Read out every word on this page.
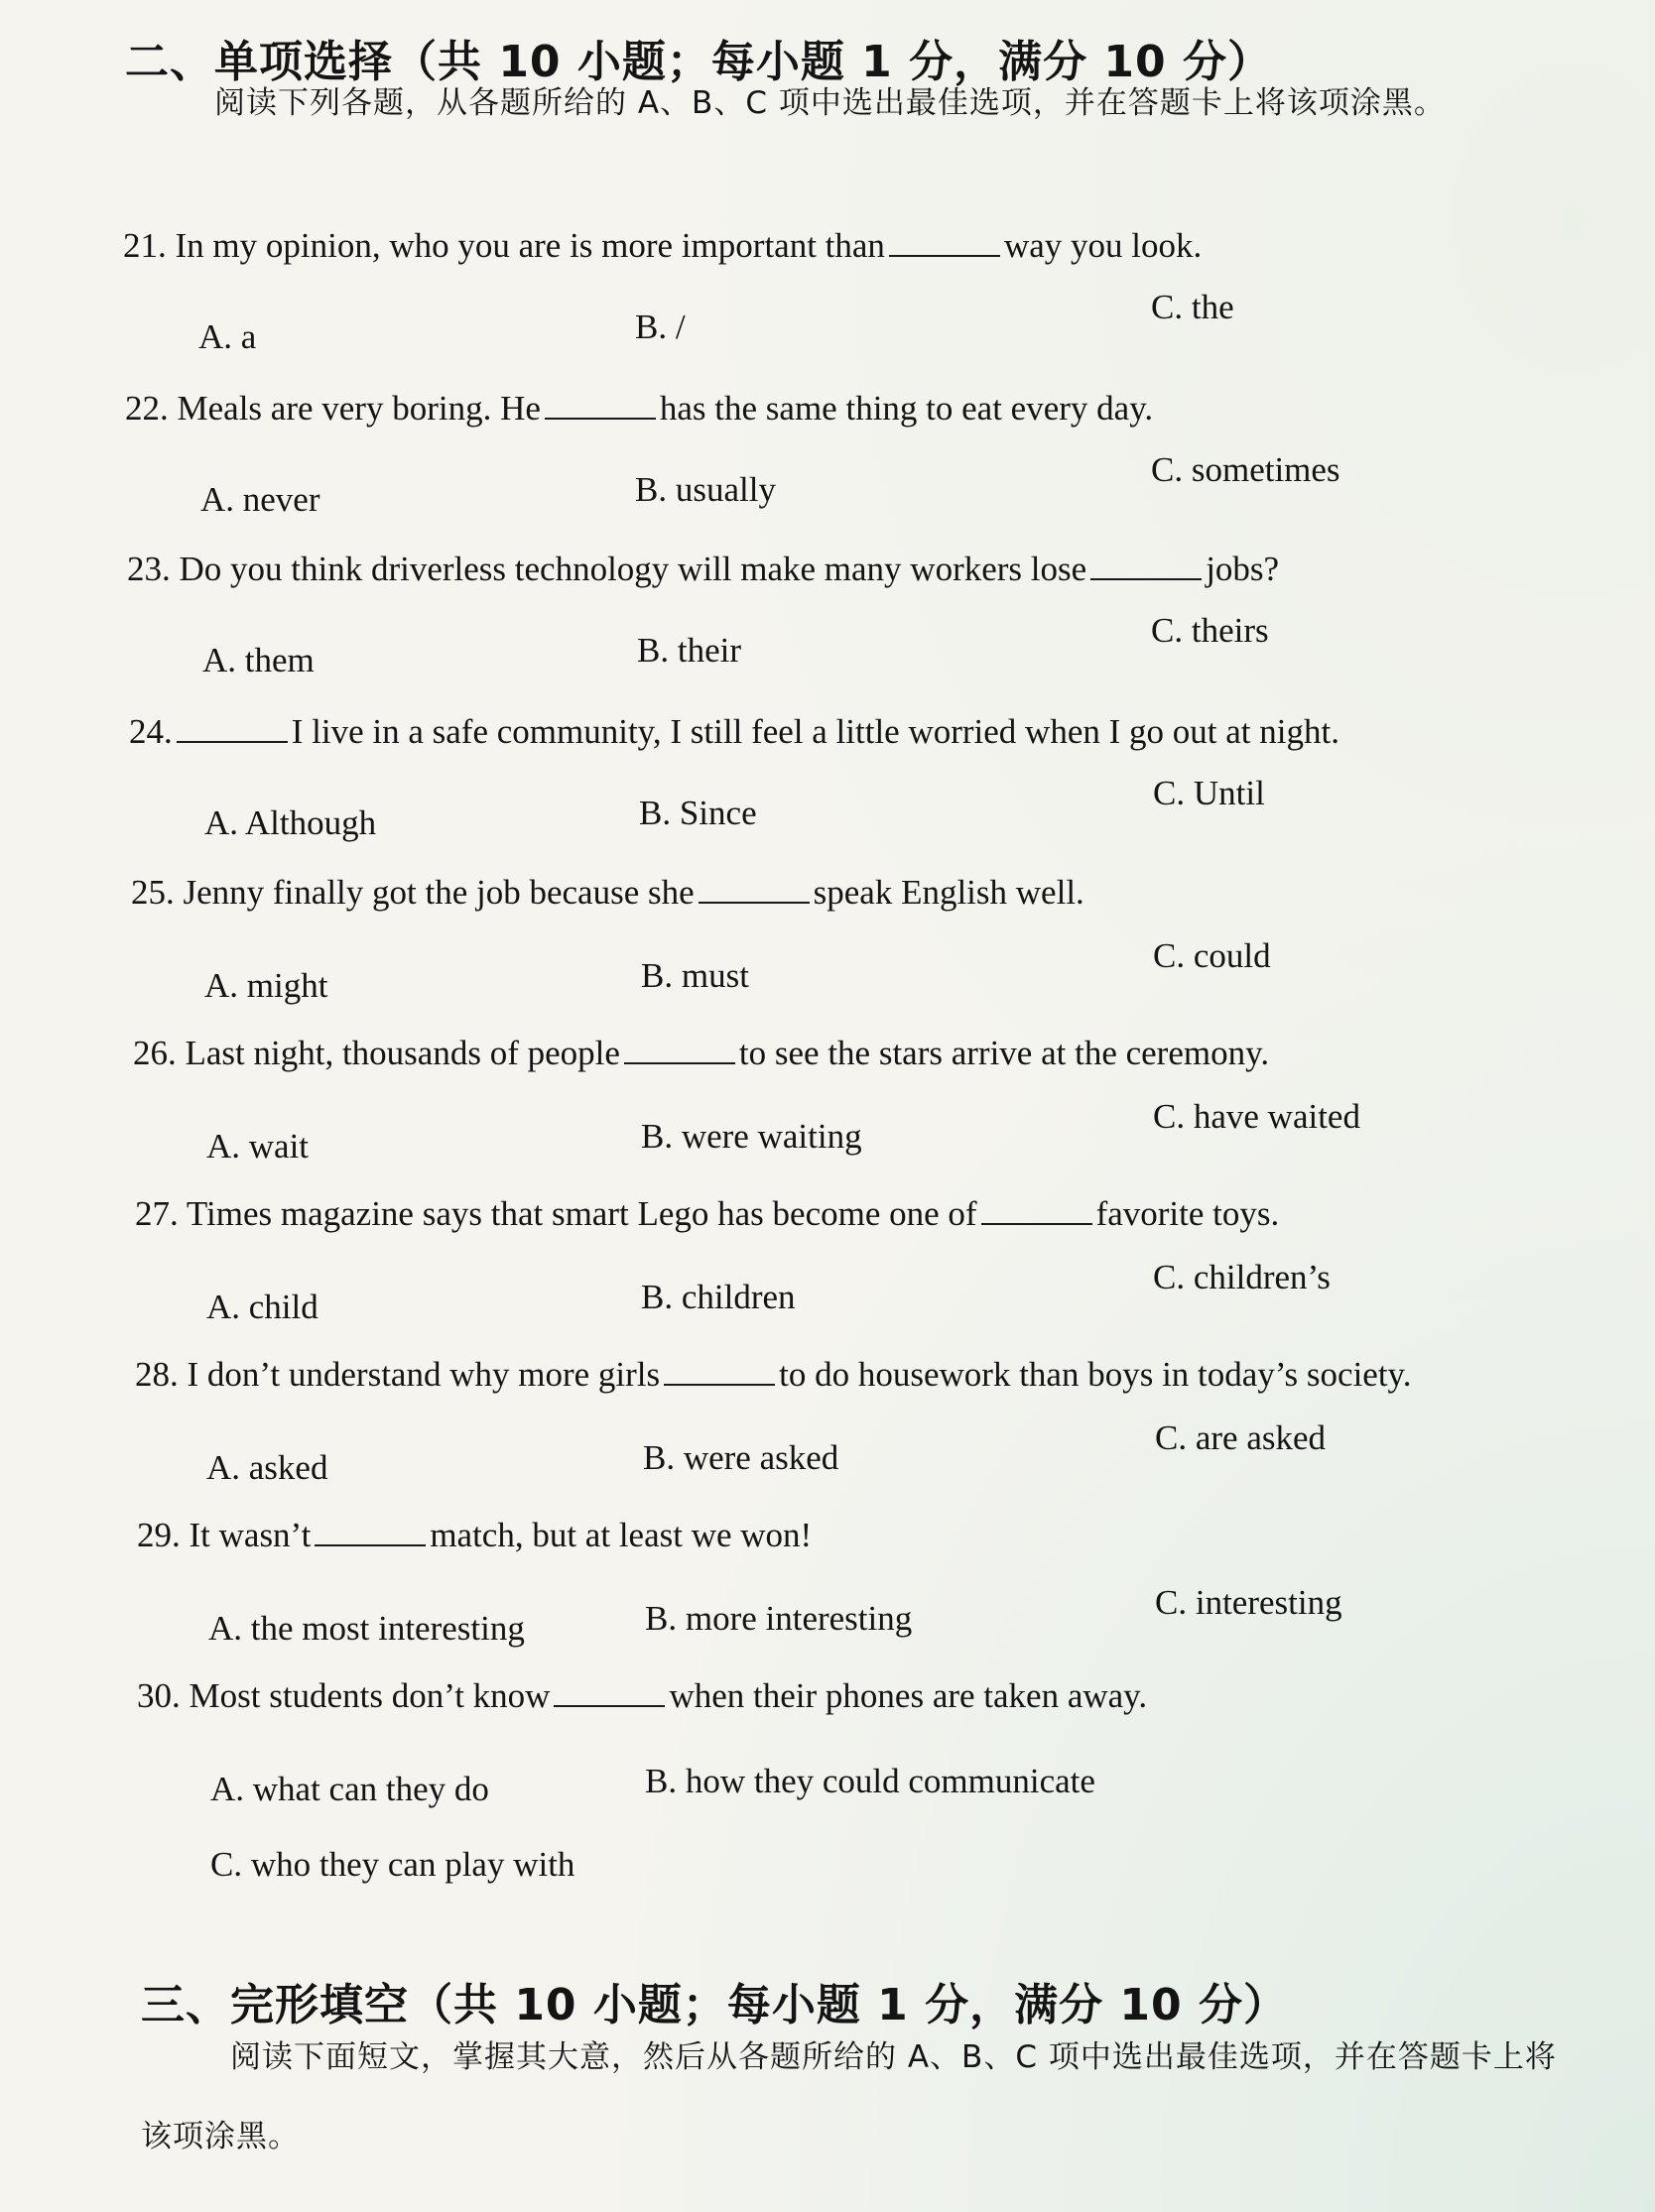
二、单项选择（共 10 小题；每小题 1 分，满分 10 分）
阅读下列各题，从各题所给的 A、B、C 项中选出最佳选项，并在答题卡上将该项涂黑。
21. In my opinion, who you are is more important than	way you look.
A. a	B. /
C. the
22. Meals are very boring. He	has the same thing to eat every day.
A. never	B. usually
C. sometimes
23. Do you think driverless technology will make many workers lose	jobs?
A. them	B. their
C. theirs
24.	I live in a safe community, I still feel a little worried when I go out at night.
A. Although	B. Since
C. Until
25. Jenny finally got the job because she	speak English well.
A. might	B. must
C. could
26. Last night, thousands of people	to see the stars arrive at the ceremony.
A. wait	B. were waiting
C. have waited
27. Times magazine says that smart Lego has become one of	favorite toys.
A. child	B. children
C. children’s
28. I don’t understand why more girls	to do housework than boys in today’s society.
A. asked	B. were asked
C. are asked
29. It wasn’t	match, but at least we won!
A. the most interesting	B. more interesting	C. interesting
30. Most students don’t know	when their phones are taken away.
A. what can they do	B. how they could communicate
C. who they can play with
三、完形填空（共 10 小题；每小题 1 分，满分 10 分）
阅读下面短文，掌握其大意，然后从各题所给的 A、B、C 项中选出最佳选项，并在答题卡上将该项涂黑。
